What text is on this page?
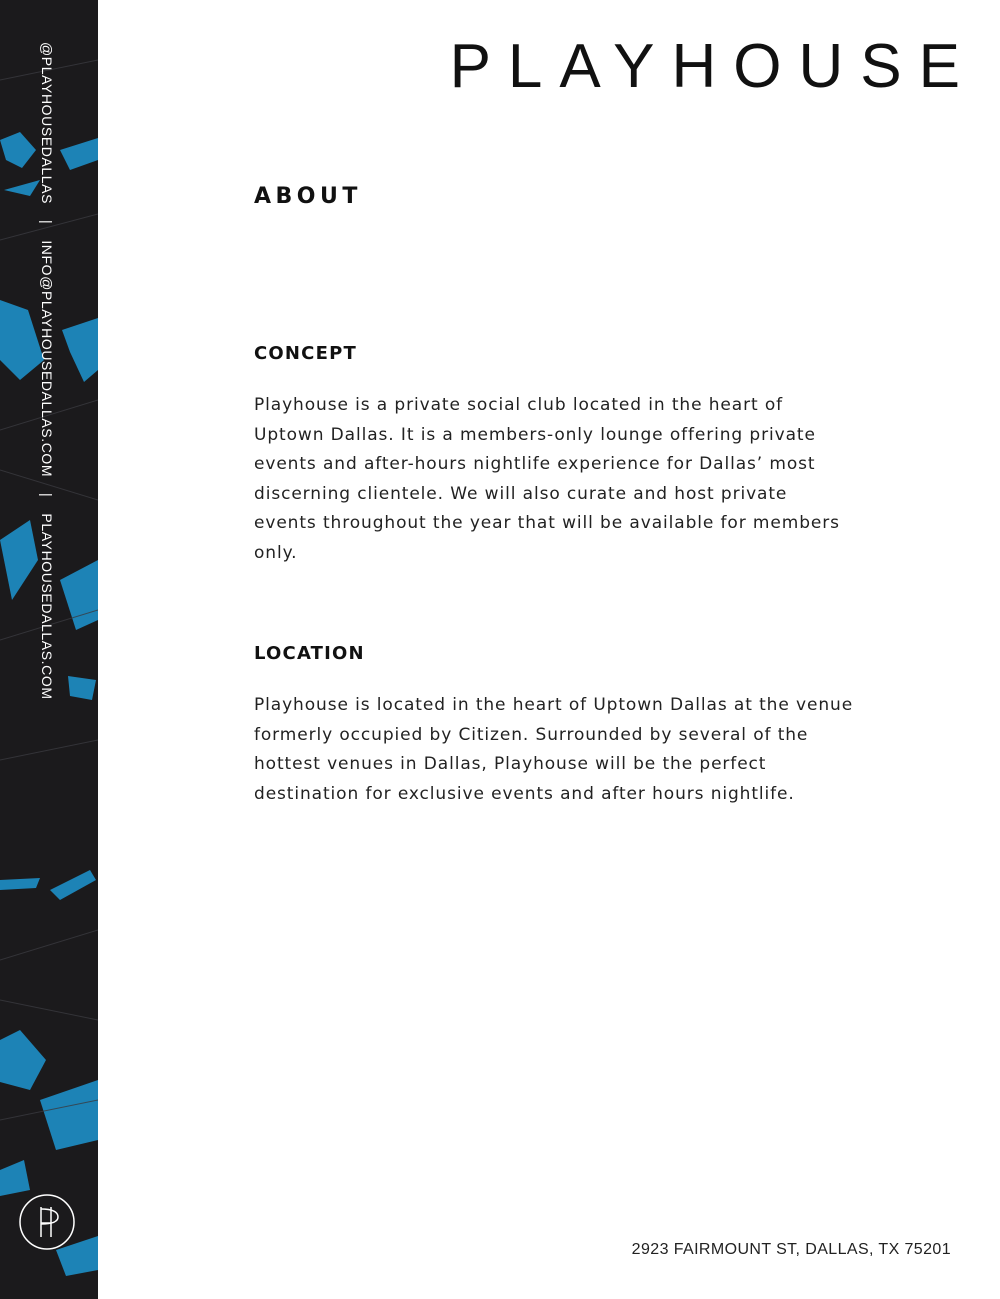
@PLAYHOUSEDALLAS|INFO@PLAYHOUSEDALLAS.COM|PLAYHOUSEDALLAS.COM
PLAYHOUSE
ABOUT
CONCEPT

Playhouse is a private social club located in the heart of Uptown Dallas. It is a members-only lounge offering private events and after-hours nightlife experience for Dallas’ most discerning clientele. We will also curate and host private events throughout the year that will be available for members only.

LOCATION

Playhouse is located in the heart of Uptown Dallas at the venue formerly occupied by Citizen. Surrounded by several of the hottest venues in Dallas, Playhouse will be the perfect destination for exclusive events and after hours nightlife.

2923 FAIRMOUNT ST, DALLAS, TX 75201
